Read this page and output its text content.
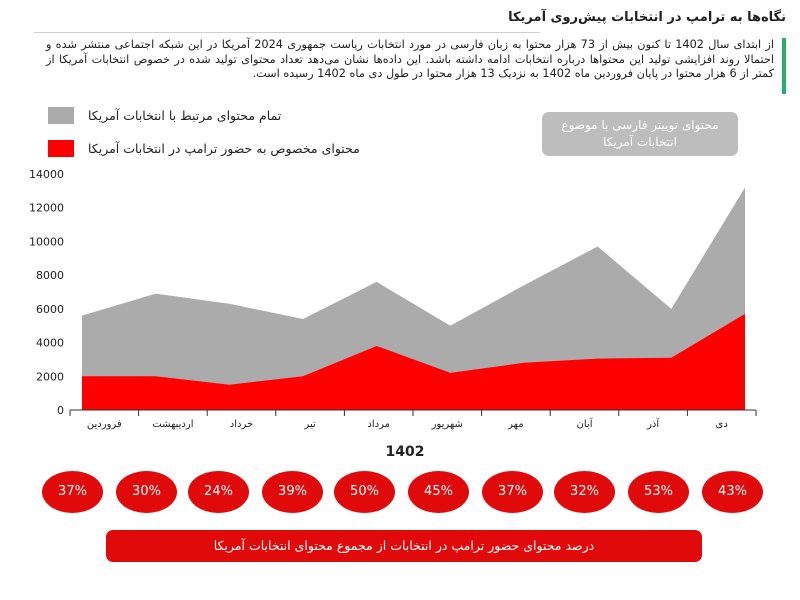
نگاه‌ها به ترامپ در انتخابات پیش‌روی آمریکا
از ابتدای سال 1402 تا کنون بیش از 73 هزار محتوا به زبان فارسی در مورد انتخابات ریاست جمهوری 2024 آمریکا در این شبکه اجتماعی منتشر شده و احتمالا روند افزایشی تولید این محتواها درباره انتخابات ادامه داشته باشد. این داده‌ها نشان می‌دهد تعداد محتوای تولید شده در خصوص انتخابات آمریکا از کمتر از 6 هزار محتوا در پایان فروردین ماه 1402 به نزدیک 13 هزار محتوا در طول دی ماه 1402 رسیده است.
تمام محتوای مرتبط با انتخابات آمریکا
محتوای مخصوص به حضور ترامپ در انتخابات آمریکا
محتوای توییتر فارسی با موضوع انتخابات آمریکا
0
2000
4000
6000
8000
10000
12000
14000
فروردین	اردیبهشت	خرداد	تیر	مرداد	شهریور	مهر	آبان	آذر	دی
1402
37%	30%	24%	39%	50%	45%	37%	32%	53%	43%
درصد محتوای حضور ترامپ در انتخابات از مجموع محتوای انتخابات آمریکا
